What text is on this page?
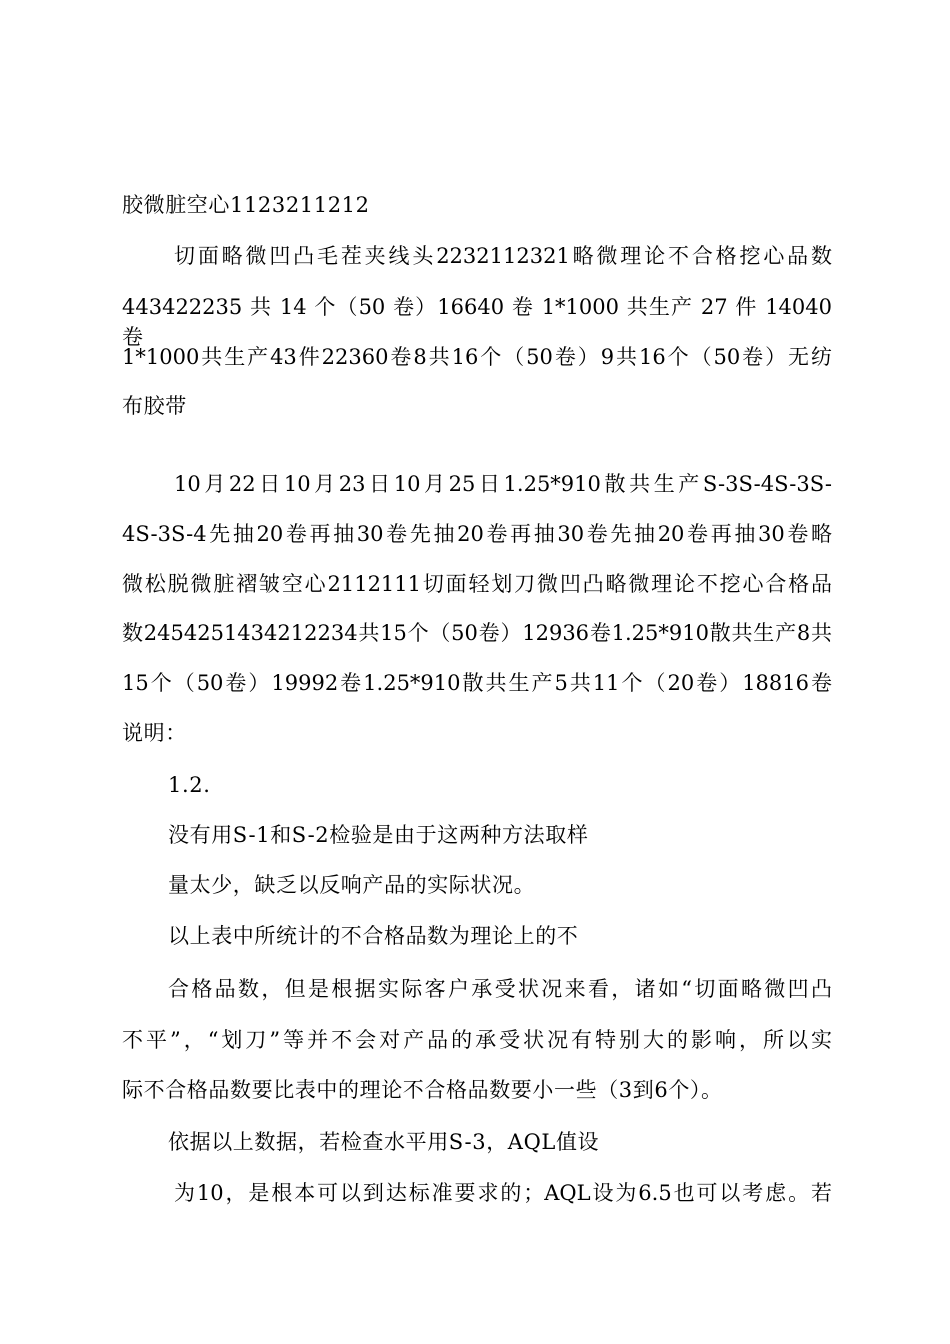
胶微脏空心1123211212
切面略微凹凸毛茬夹线头2232112321略微理论不合格挖心品数
443422235 共 14 个（50 卷）16640 卷 1*1000 共生产 27 件 14040 卷
1*1000共生产43件22360卷8共16个（50卷）9共16个（50卷）无纺
布胶带
10月22日10月23日10月25日1.25*910散共生产S-3S-4S-3S-
4S-3S-4先抽20卷再抽30卷先抽20卷再抽30卷先抽20卷再抽30卷略
微松脱微脏褶皱空心2112111切面轻划刀微凹凸略微理论不挖心合格品
数2454251434212234共15个（50卷）12936卷1.25*910散共生产8共
15个（50卷）19992卷1.25*910散共生产5共11个（20卷）18816卷
说明：
1.2.
没有用S-1和S-2检验是由于这两种方法取样
量太少，缺乏以反响产品的实际状况。
以上表中所统计的不合格品数为理论上的不
合格品数，但是根据实际客户承受状况来看，诸如“切面略微凹凸
不平”，“划刀”等并不会对产品的承受状况有特别大的影响，所以实
际不合格品数要比表中的理论不合格品数要小一些（3到6个）。
依据以上数据，若检查水平用S-3，AQL值设
为10，是根本可以到达标准要求的；AQL设为6.5也可以考虑。若
